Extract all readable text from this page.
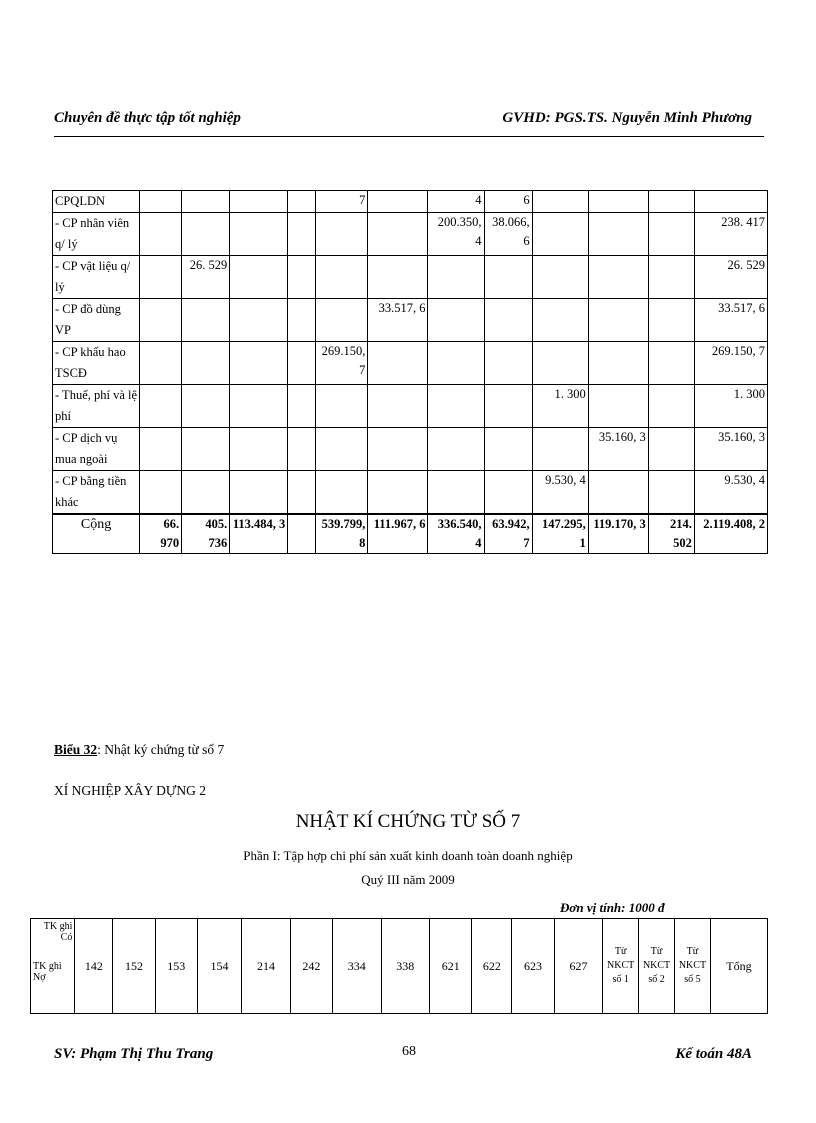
Chuyên đề thực tập tốt nghiệp	GVHD: PGS.TS. Nguyễn Minh Phương
CPQLDN					7		4	6				
- CP nhân viên q/ lý							200.350, 4	38.066, 6				238. 417
- CP vật liệu q/ lý		26. 529										26. 529
- CP đồ dùng VP						33.517, 6						33.517, 6
- CP khấu hao TSCĐ					269.150, 7							269.150, 7
- Thuế, phí và lệ phí									1. 300			1. 300
- CP dịch vụ mua ngoài										35.160, 3		35.160, 3
- CP bằng tiền khác									9.530, 4			9.530, 4
Cộng	66. 970	405. 736	113.484, 3		539.799, 8	111.967, 6	336.540, 4	63.942, 7	147.295, 1	119.170, 3	214. 502	2.119.408, 2
Biểu 32: Nhật ký chứng từ số 7
XÍ NGHIỆP XÂY DỰNG 2
NHẬT KÍ CHỨNG TỪ SỐ 7
Phần I: Tập hợp chi phí sản xuất kinh doanh toàn doanh nghiệp
Quý III năm 2009
Đơn vị tính: 1000 đ
TK ghi Có
TK ghi Nợ
	142	152	153	154	214	242	334	338	621	622	623	627	Từ NKCT số 1	Từ NKCT số 2	Từ NKCT số 5	Tổng
SV: Phạm Thị Thu Trang	68	Kế toán 48A
